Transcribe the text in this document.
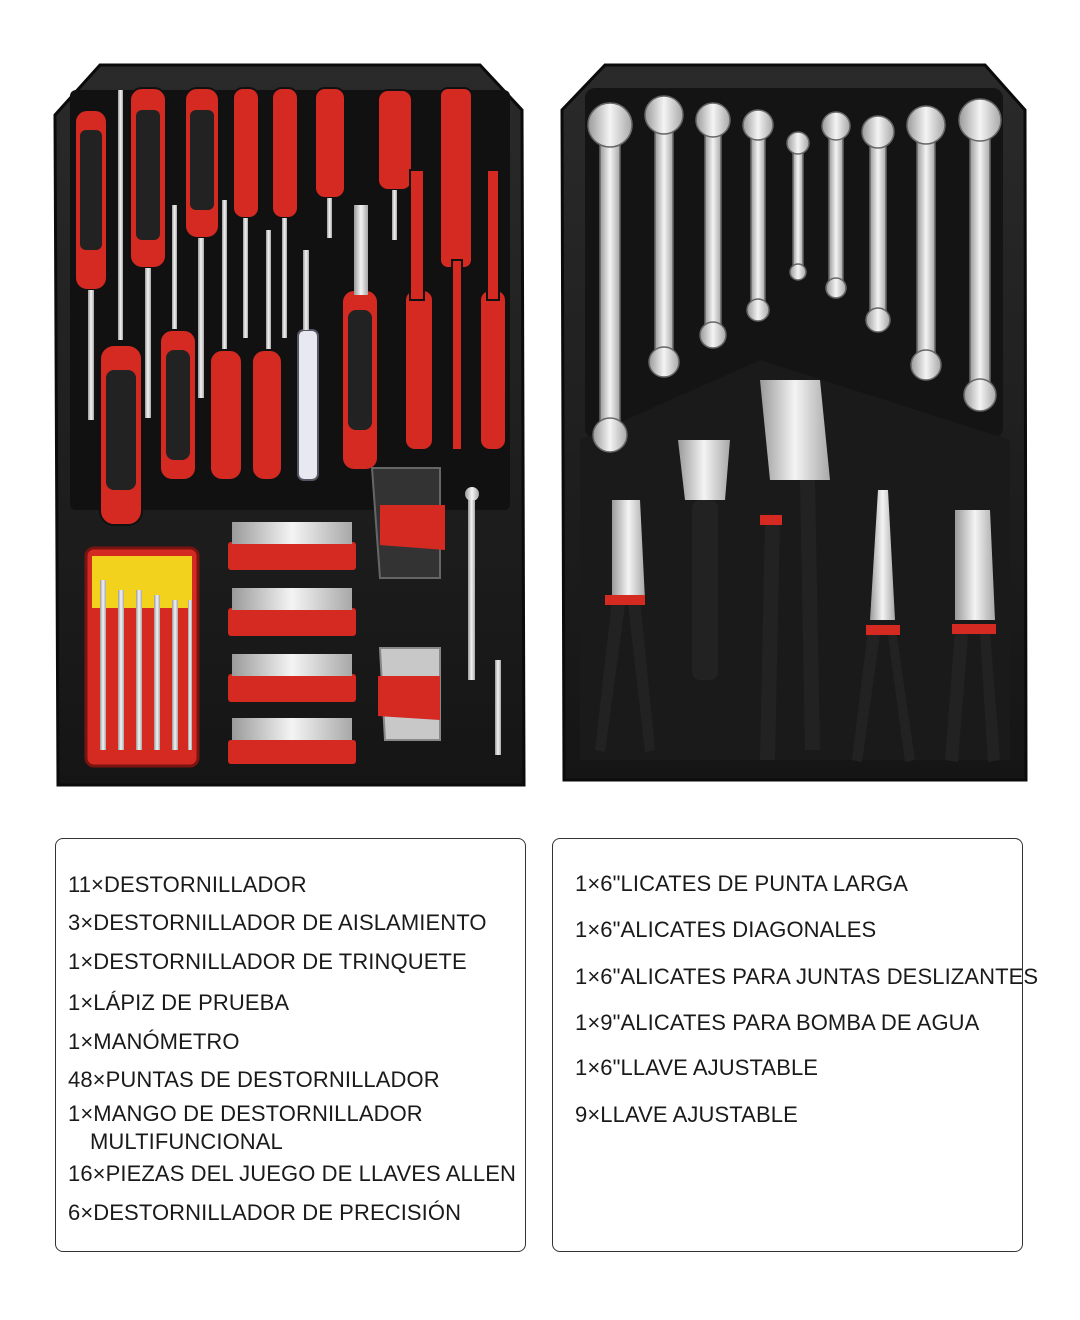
11×DESTORNILLADOR
3×DESTORNILLADOR DE AISLAMIENTO
1×DESTORNILLADOR DE TRINQUETE
1×LÁPIZ DE PRUEBA
1×MANÓMETRO
48×PUNTAS DE DESTORNILLADOR
1×MANGO DE DESTORNILLADOR
MULTIFUNCIONAL
16×PIEZAS DEL JUEGO DE LLAVES ALLEN
6×DESTORNILLADOR DE PRECISIÓN
1×6"LICATES DE PUNTA LARGA
1×6"ALICATES DIAGONALES
1×6"ALICATES PARA JUNTAS DESLIZANTES
1×9"ALICATES PARA BOMBA DE AGUA
1×6"LLAVE AJUSTABLE
9×LLAVE AJUSTABLE
